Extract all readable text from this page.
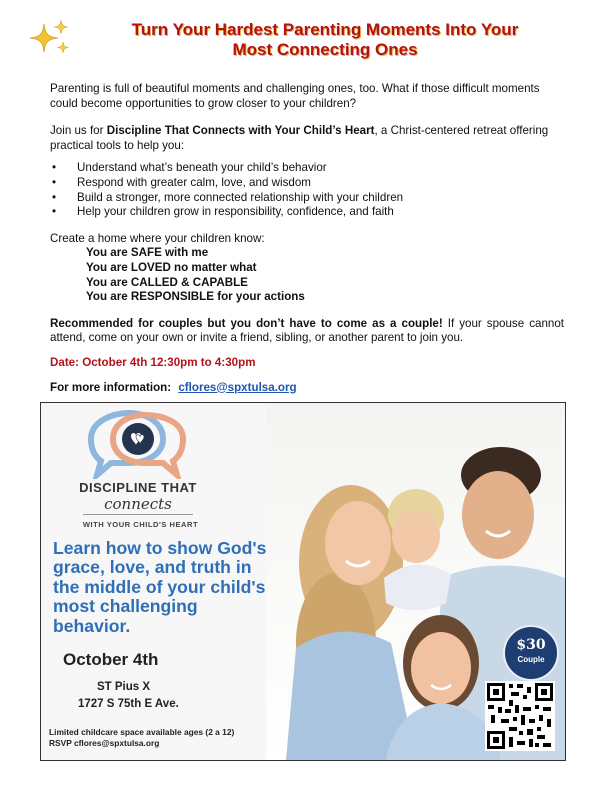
Turn Your Hardest Parenting Moments Into Your
Most Connecting Ones

Parenting is full of beautiful moments and challenging ones, too. What if those difficult moments could become opportunities to grow closer to your children?

Join us for Discipline That Connects with Your Child’s Heart, a Christ-centered retreat offering practical tools to help you:

• Understand what’s beneath your child’s behavior
• Respond with greater calm, love, and wisdom
• Build a stronger, more connected relationship with your children
• Help your children grow in responsibility, confidence, and faith

Create a home where your children know:

You are SAFE with me
You are LOVED no matter what
You are CALLED & CAPABLE
You are RESPONSIBLE for your actions

Recommended for couples but you don’t have to come as a couple! If your spouse cannot attend, come on your own or invite a friend, sibling, or another parent to join you.

Date: October 4th 12:30pm to 4:30pm

For more information: cflores@spxtulsa.org

DISCIPLINE THAT
connects
WITH YOUR CHILD'S HEART
Learn how to show God's grace, love, and truth in the middle of your child's most challenging behavior.
October 4th
ST Pius X
1727 S 75th E Ave.
Limited childcare space available ages (2 a 12)
RSVP cflores@spxtulsa.org
$30
Couple
